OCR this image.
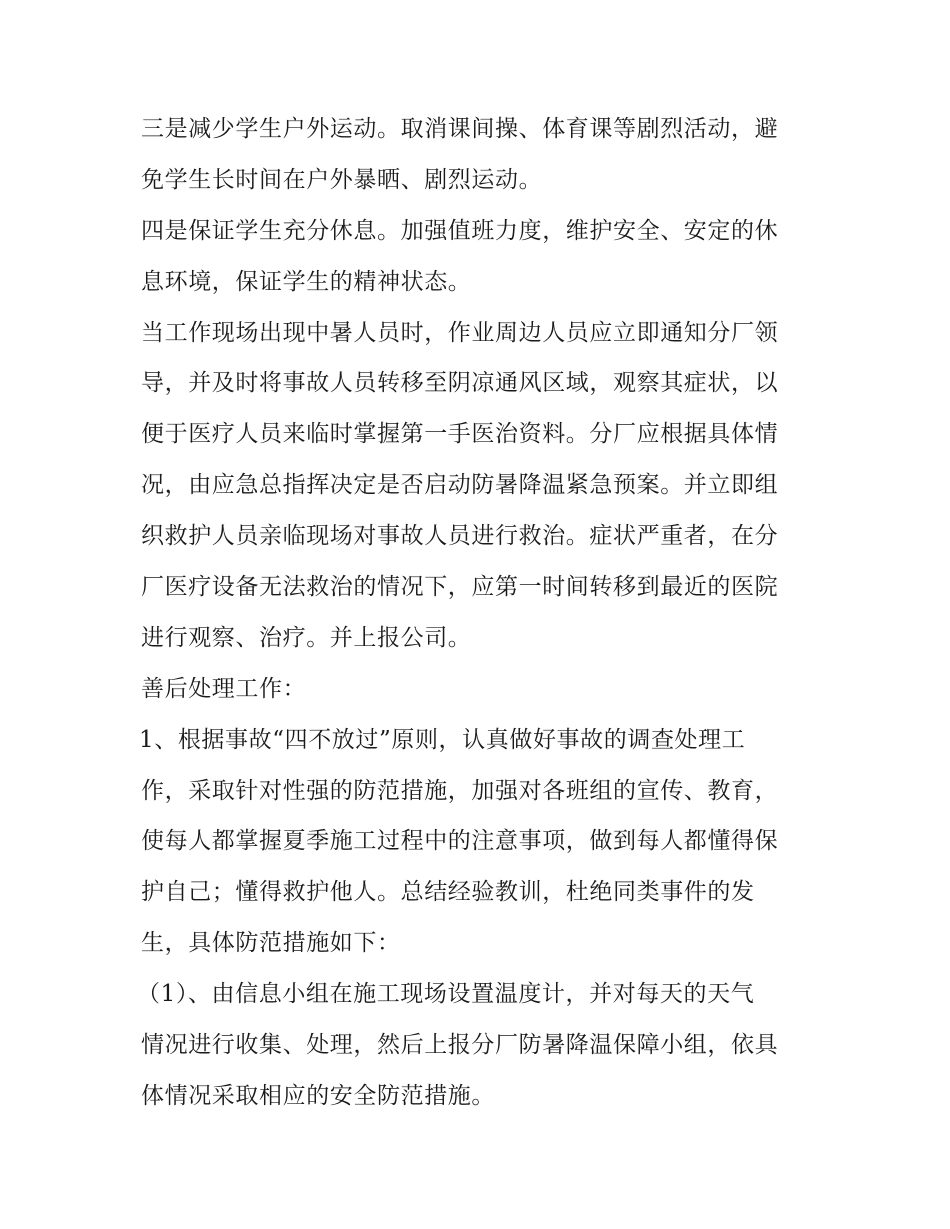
三是减少学生户外运动。取消课间操、体育课等剧烈活动，避
免学生长时间在户外暴晒、剧烈运动。
四是保证学生充分休息。加强值班力度，维护安全、安定的休
息环境，保证学生的精神状态。
当工作现场出现中暑人员时，作业周边人员应立即通知分厂领
导，并及时将事故人员转移至阴凉通风区域，观察其症状，以
便于医疗人员来临时掌握第一手医治资料。分厂应根据具体情
况，由应急总指挥决定是否启动防暑降温紧急预案。并立即组
织救护人员亲临现场对事故人员进行救治。症状严重者，在分
厂医疗设备无法救治的情况下，应第一时间转移到最近的医院
进行观察、治疗。并上报公司。
善后处理工作：
1、根据事故“四不放过”原则，认真做好事故的调查处理工
作，采取针对性强的防范措施，加强对各班组的宣传、教育，
使每人都掌握夏季施工过程中的注意事项，做到每人都懂得保
护自己；懂得救护他人。总结经验教训，杜绝同类事件的发
生，具体防范措施如下：
（1）、由信息小组在施工现场设置温度计，并对每天的天气
情况进行收集、处理，然后上报分厂防暑降温保障小组，依具
体情况采取相应的安全防范措施。
